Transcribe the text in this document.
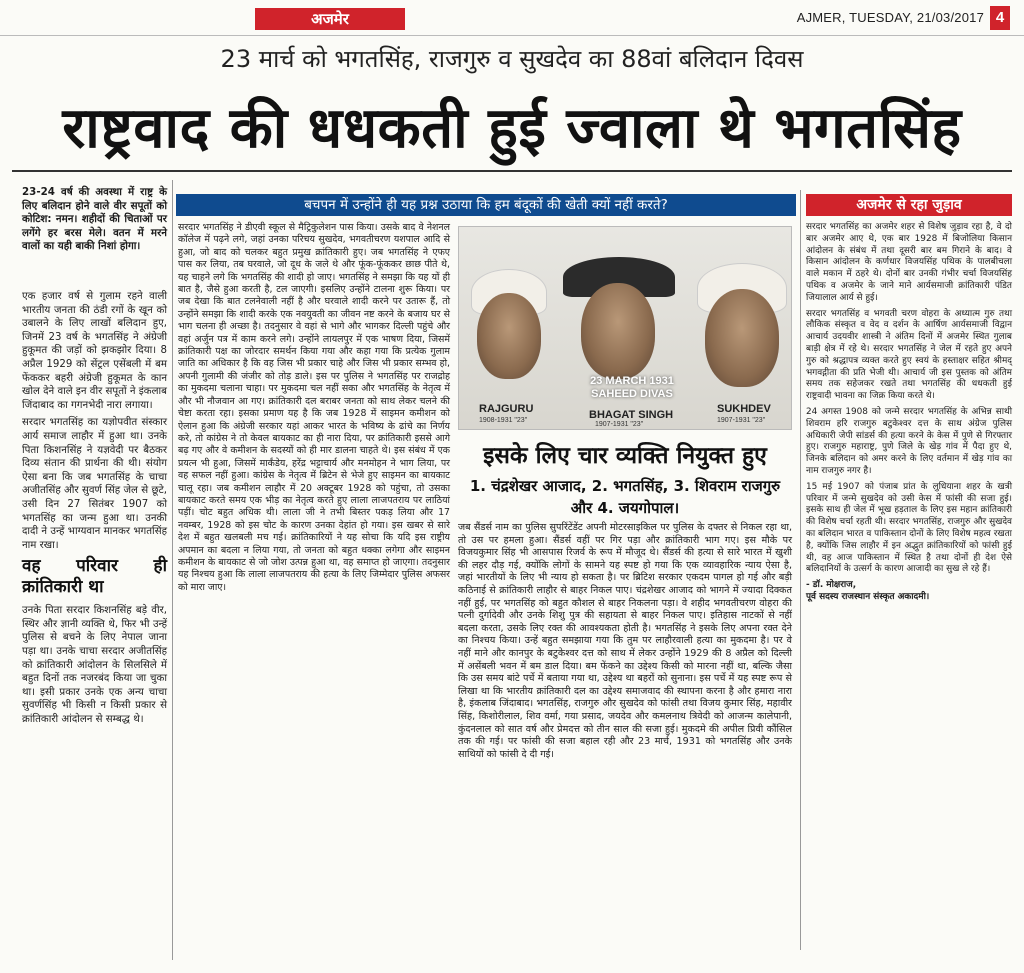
अजमेर	AJMER, TUESDAY, 21/03/2017 4
23 मार्च को भगतसिंह, राजगुरु व सुखदेव का 88वां बलिदान दिवस
राष्ट्रवाद की धधकती हुई ज्वाला थे भगतसिंह
23-24 वर्ष की अवस्था में राष्ट्र के लिए बलिदान होने वाले वीर सपूतों को कोटिश: नमन। शहीदों की चिताओं पर लगेंगे हर बरस मेले। वतन में मरने वालों का यही बाकी निशां होगा।

एक हजार वर्ष से गुलाम रहने वाली भारतीय जनता की ठंडी रगों के खून को उबालने के लिए लाखों बलिदान हुए, जिनमें 23 वर्ष के भगतसिंह ने अंग्रेजी हुकूमत की जड़ों को झकझोर दिया। 8 अप्रैल 1929 को सेंट्रल एसेंबली में बम फेंककर बहरी अंग्रेजी हुकूमत के कान खोल देने वाले इन वीर सपूतों ने इंकलाब जिंदाबाद का गगनभेदी नारा लगाया।

सरदार भगतसिंह का यज्ञोपवीत संस्कार आर्य समाज लाहौर में हुआ था। उनके पिता किशनसिंह ने यज्ञवेदी पर बैठकर दिव्य संतान की प्रार्थना की थी। संयोग ऐसा बना कि जब भगतसिंह के चाचा अजीतसिंह और सुवर्ण सिंह जेल से छूटे, उसी दिन 27 सितंबर 1907 को भगतसिंह का जन्म हुआ था। उनकी दादी ने उन्हें भाग्यवान मानकर भगतसिंह नाम रखा।

वह परिवार ही क्रांतिकारी था

उनके पिता सरदार किशनसिंह बड़े वीर, स्थिर और ज्ञानी व्यक्ति थे, फिर भी उन्हें पुलिस से बचने के लिए नेपाल जाना पड़ा था। उनके चाचा सरदार अजीतसिंह को क्रांतिकारी आंदोलन के सिलसिले में बहुत दिनों तक नजरबंद किया जा चुका था। इसी प्रकार उनके एक अन्य चाचा सुवर्णसिंह भी किसी न किसी प्रकार से क्रांतिकारी आंदोलन से सम्बद्ध थे।

बचपन में उन्होंने ही यह प्रश्न उठाया कि हम बंदूकों की खेती क्यों नहीं करते?

सरदार भगतसिंह ने डीएवी स्कूल से मैट्रिकुलेशन पास किया। उसके बाद वे नेशनल कॉलेज में पढ़ने लगे, जहां उनका परिचय सुखदेव, भगवतीचरण यशपाल आदि से हुआ, जो बाद को चलकर बहुत प्रमुख क्रांतिकारी हुए। जब भगतसिंह ने एफए पास कर लिया, तब घरवाले, जो दूध के जले थे और फूंक-फूंककर छाछ पीते थे, यह चाहने लगे कि भगतसिंह की शादी हो जाए। भगतसिंह ने समझा कि यह यों ही बात है, जैसे हुआ करती है, टल जाएगी। इसलिए उन्होंने टालना शुरू किया। पर जब देखा कि बात टलनेवाली नहीं है और घरवाले शादी करने पर उतारू हैं, तो उन्होंने समझा कि शादी करके एक नवयुवती का जीवन नष्ट करने के बजाय घर से भाग चलना ही अच्छा है। तदनुसार वे वहां से भागे और भागकर दिल्ली पहुंचे और वहां अर्जुन पत्र में काम करने लगे। उन्होंने लायलपुर में एक भाषण दिया, जिसमें क्रांतिकारी पक्ष का जोरदार समर्थन किया गया और कहा गया कि प्रत्येक गुलाम जाति का अधिकार है कि वह जिस भी प्रकार चाहे और जिस भी प्रकार सम्भव हो, अपनी गुलामी की जंजीर को तोड़ डाले। इस पर पुलिस ने भगतसिंह पर राजद्रोह का मुकदमा चलाना चाहा। पर मुकदमा चल नहीं सका और भगतसिंह के नेतृत्व में और भी नौजवान आ गए। क्रांतिकारी दल बराबर जनता को साथ लेकर चलने की चेष्टा करता रहा। इसका प्रमाण यह है कि जब 1928 में साइमन कमीशन को ऐलान हुआ कि अंग्रेजी सरकार यहां आकर भारत के भविष्य के ढांचे का निर्णय करे, तो कांग्रेस ने तो केवल बायकाट का ही नारा दिया, पर क्रांतिकारी इससे आगे बढ़ गए और वे कमीशन के सदस्यों को ही मार डालना चाहते थे। इस संबंध में एक प्रयत्न भी हुआ, जिसमें मार्कंडेय, हरेंद्र भट्टाचार्य और मनमोहन ने भाग लिया, पर वह सफल नहीं हुआ। कांग्रेस के नेतृत्व में ब्रिटेन से भेजे हुए साइमन का बायकाट चालू रहा। जब कमीशन लाहौर में 20 अक्टूबर 1928 को पहुंचा, तो उसका बायकाट करते समय एक भीड़ का नेतृत्व करते हुए लाला लाजपतराय पर लाठियां पड़ीं। चोट बहुत अधिक थी। लाला जी ने तभी बिस्तर पकड़ लिया और 17 नवम्बर, 1928 को इस चोट के कारण उनका देहांत हो गया। इस खबर से सारे देश में बहुत खलबली मच गई। क्रांतिकारियों ने यह सोचा कि यदि इस राष्ट्रीय अपमान का बदला न लिया गया, तो जनता को बहुत धक्का लगेगा और साइमन कमीशन के बायकाट से जो जोश उत्पन्न हुआ था, वह समाप्त हो जाएगा। तदनुसार यह निश्चय हुआ कि लाला लाजपतराय की हत्या के लिए जिम्मेदार पुलिस अफसर को मारा जाए।

23 MARCH 1931
SAHEED DIVAS
RAJGURU
1908-1931 "23"	BHAGAT SINGH
1907-1931 "23"
SUKHDEV
1907-1931 "23"
इसके लिए चार व्यक्ति नियुक्त हुए
1. चंद्रशेखर आजाद, 2. भगतसिंह, 3. शिवराम राजगुरु और 4. जयगोपाल।

जब सैंडर्स नाम का पुलिस सुपरिंटेंडेंट अपनी मोटरसाइकिल पर पुलिस के दफ्तर से निकल रहा था, तो उस पर हमला हुआ। सैंडर्स वहीं पर गिर पड़ा और क्रांतिकारी भाग गए। इस मौके पर विजयकुमार सिंह भी आसपास रिजर्व के रूप में मौजूद थे। सैंडर्स की हत्या से सारे भारत में खुशी की लहर दौड़ गई, क्योंकि लोगों के सामने यह स्पष्ट हो गया कि एक व्यावहारिक न्याय ऐसा है, जहां भारतीयों के लिए भी न्याय हो सकता है। पर ब्रिटिश सरकार एकदम पागल हो गई और बड़ी कठिनाई से क्रांतिकारी लाहौर से बाहर निकल पाए। चंद्रशेखर आजाद को भागने में ज्यादा दिक्कत नहीं हुई, पर भगतसिंह को बहुत कौशल से बाहर निकलना पड़ा। वे शहीद भगवतीचरण वोहरा की पत्नी दुर्गादेवी और उनके शिशु पुत्र की सहायता से बाहर निकल पाए। इतिहास नाटकों से नहीं बदला करता, उसके लिए रक्त की आवश्यकता होती है। भगतसिंह ने इसके लिए अपना रक्त देने का निश्चय किया। उन्हें बहुत समझाया गया कि तुम पर लाहौरवाली हत्या का मुकदमा है। पर वे नहीं माने और कानपुर के बटुकेश्वर दत्त को साथ में लेकर उन्होंने 1929 की 8 अप्रैल को दिल्ली में असेंबली भवन में बम डाल दिया। बम फेंकने का उद्देश्य किसी को मारना नहीं था, बल्कि जैसा कि उस समय बांटे पर्चे में बताया गया था, उद्देश्य था बहरों को सुनाना। इस पर्चे में यह स्पष्ट रूप से लिखा था कि भारतीय क्रांतिकारी दल का उद्देश्य समाजवाद की स्थापना करना है और हमारा नारा है, इंकलाब जिंदाबाद। भगतसिंह, राजगुरु और सुखदेव को फांसी तथा विजय कुमार सिंह, महावीर सिंह, किशोरीलाल, शिव वर्मा, गया प्रसाद, जयदेव और कमलनाथ त्रिवेदी को आजन्म कालेपानी, कुंदनलाल को सात वर्ष और प्रेमदत्त को तीन साल की सजा हुई। मुकदमे की अपील प्रिवी कौंसिल तक की गई। पर फांसी की सजा बहाल रही और 23 मार्च, 1931 को भगतसिंह और उनके साथियों को फांसी दे दी गई।

अजमेर से रहा जुड़ाव

सरदार भगतसिंह का अजमेर शहर से विशेष जुड़ाव रहा है, वे दो बार अजमेर आए थे, एक बार 1928 में बिजोलिया किसान आंदोलन के संबंध में तथा दूसरी बार बम गिराने के बाद। वे किसान आंदोलन के कर्णधार विजयसिंह पथिक के पालबीचला वाले मकान में ठहरे थे। दोनों बार उनकी गंभीर चर्चा विजयसिंह पथिक व अजमेर के जाने माने आर्यसमाजी क्रांतिकारी पंडित जियालाल आर्य से हुई।

सरदार भगतसिंह व भगवती चरण वोहरा के अध्यात्म गुरु तथा लौकिक संस्कृत व वेद व दर्शन के आर्षिण आर्यसमाजी विद्वान आचार्य उदयवीर शास्त्री ने अंतिम दिनों में अजमेर स्थित गुलाब बाड़ी क्षेत्र में रहे थे। सरदार भगतसिंह ने जेल में रहते हुए अपने गुरु को श्रद्धापत्र व्यक्त करते हुए स्वयं के हस्ताक्षर सहित श्रीमद् भगवद्गीता की प्रति भेजी थी। आचार्य जी इस पुस्तक को अंतिम समय तक सहेजकर रखते तथा भगतसिंह की धधकती हुई राष्ट्रवादी भावना का जिक्र किया करते थे।

24 अगस्त 1908 को जन्मे सरदार भगतसिंह के अभिन्न साथी शिवराम हरि राजगुरु बटुकेश्वर दत्त के साथ अंग्रेज पुलिस अधिकारी जेपी सांडर्स की हत्या करने के केस में पुणे से गिरफ्तार हुए। राजगुरु महाराष्ट्र, पुणे जिले के खेड़ गांव में पैदा हुए थे, जिनके बलिदान को अमर करने के लिए वर्तमान में खेड़ गांव का नाम राजगुरु नगर है।

15 मई 1907 को पंजाब प्रांत के लुधियाना शहर के खत्री परिवार में जन्मे सुखदेव को उसी केस में फांसी की सजा हुई। इसके साथ ही जेल में भूख हड़ताल के लिए इस महान क्रांतिकारी की विशेष चर्चा रहती थी। सरदार भगतसिंह, राजगुरु और सुखदेव का बलिदान भारत व पाकिस्तान दोनों के लिए विशेष महत्व रखता है, क्योंकि जिस लाहौर में इन अद्भुत क्रांतिकारियों को फांसी हुई थी, वह आज पाकिस्तान में स्थित है तथा दोनों ही देश ऐसे बलिदानियों के उत्सर्ग के कारण आजादी का सुख ले रहे हैं।

- डॉ. मोक्षराज,
पूर्व सदस्य राजस्थान संस्कृत अकादमी।
